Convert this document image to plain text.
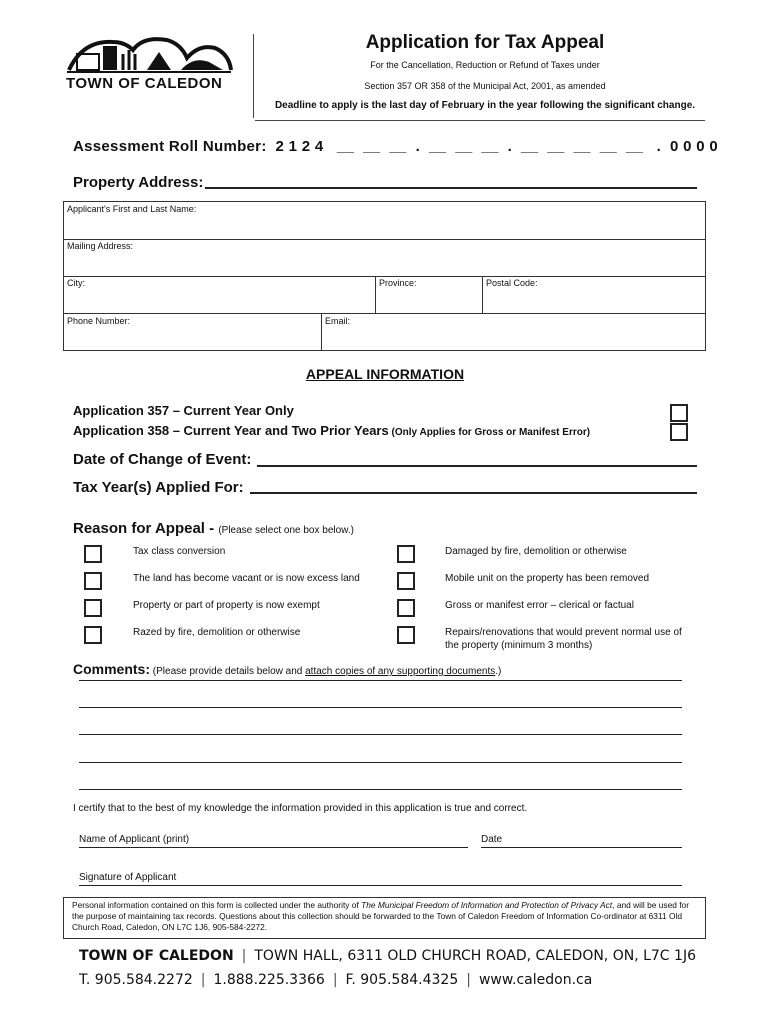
TOWN OF CALEDON
Application for Tax Appeal
For the Cancellation, Reduction or Refund of Taxes under
Section 357 OR 358 of the Municipal Act, 2001, as amended
Deadline to apply is the last day of February in the year following the significant change.
Assessment Roll Number:  2 1 2 4   __  __  __  .  __  __  __  .  __  __  __  __  __   .  0 0 0 0
Property Address:
Applicant's First and Last Name:
Mailing Address:
City:	Province:	Postal Code:
Phone Number:	Email:
APPEAL INFORMATION
Application 357 – Current Year Only
Application 358 – Current Year and Two Prior Years (Only Applies for Gross or Manifest Error)
Date of Change of Event:
Tax Year(s) Applied For:
Reason for Appeal - (Please select one box below.)
Tax class conversion
The land has become vacant or is now excess land
Property or part of property is now exempt
Razed by fire, demolition or otherwise
Damaged by fire, demolition or otherwise
Mobile unit on the property has been removed
Gross or manifest error – clerical or factual
Repairs/renovations that would prevent normal use of the property (minimum 3 months)
Comments: (Please provide details below and attach copies of any supporting documents.)
I certify that to the best of my knowledge the information provided in this application is true and correct.
Name of Applicant (print)	Date
Signature of Applicant
Personal information contained on this form is collected under the authority of The Municipal Freedom of Information and Protection of Privacy Act, and will be used for the purpose of maintaining tax records. Questions about this collection should be forwarded to the Town of Caledon Freedom of Information Co-ordinator at 6311 Old Church Road, Caledon, ON L7C 1J6, 905-584-2272.
TOWN OF CALEDON | TOWN HALL, 6311 OLD CHURCH ROAD, CALEDON, ON, L7C 1J6
T. 905.584.2272 | 1.888.225.3366 | F. 905.584.4325 | www.caledon.ca
